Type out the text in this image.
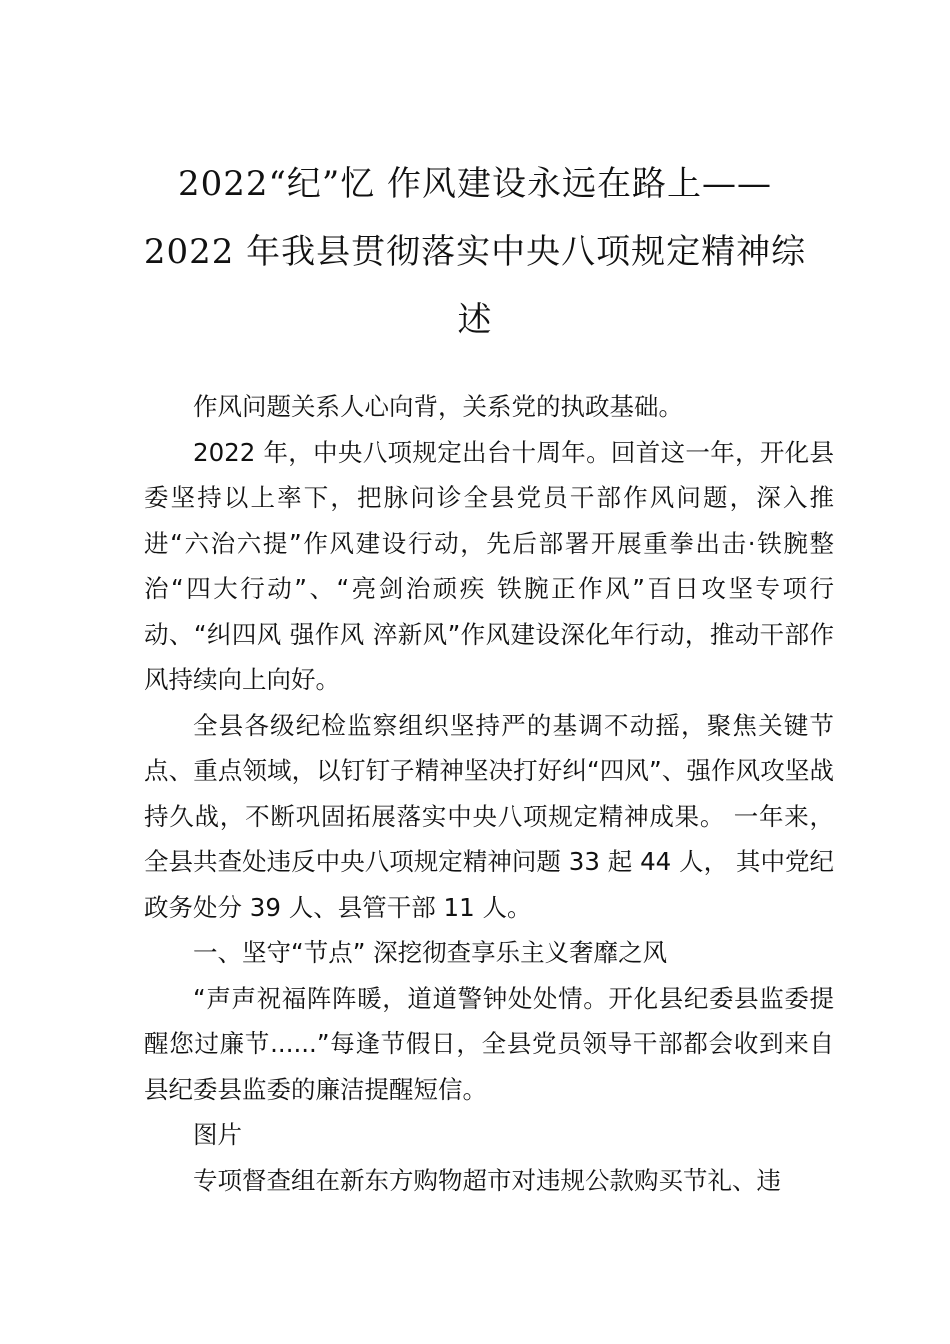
2022“纪”忆 作风建设永远在路上——
2022 年我县贯彻落实中央八项规定精神综
述

作风问题关系人心向背，关系党的执政基础。

2022 年，中央八项规定出台十周年。回首这一年，开化县委坚持以上率下，把脉问诊全县党员干部作风问题，深入推进“六治六提”作风建设行动，先后部署开展重拳出击·铁腕整治“四大行动”、“亮剑治顽疾 铁腕正作风”百日攻坚专项行动、“纠四风 强作风 淬新风”作风建设深化年行动，推动干部作风持续向上向好。

全县各级纪检监察组织坚持严的基调不动摇，聚焦关键节点、重点领域，以钉钉子精神坚决打好纠“四风”、强作风攻坚战持久战，不断巩固拓展落实中央八项规定精神成果。 一年来，全县共查处违反中央八项规定精神问题 33 起 44 人， 其中党纪政务处分 39 人、县管干部 11 人。

一、坚守“节点” 深挖彻查享乐主义奢靡之风

“声声祝福阵阵暖，道道警钟处处情。开化县纪委县监委提醒您过廉节......”每逢节假日，全县党员领导干部都会收到来自县纪委县监委的廉洁提醒短信。

图片

专项督查组在新东方购物超市对违规公款购买节礼、违
